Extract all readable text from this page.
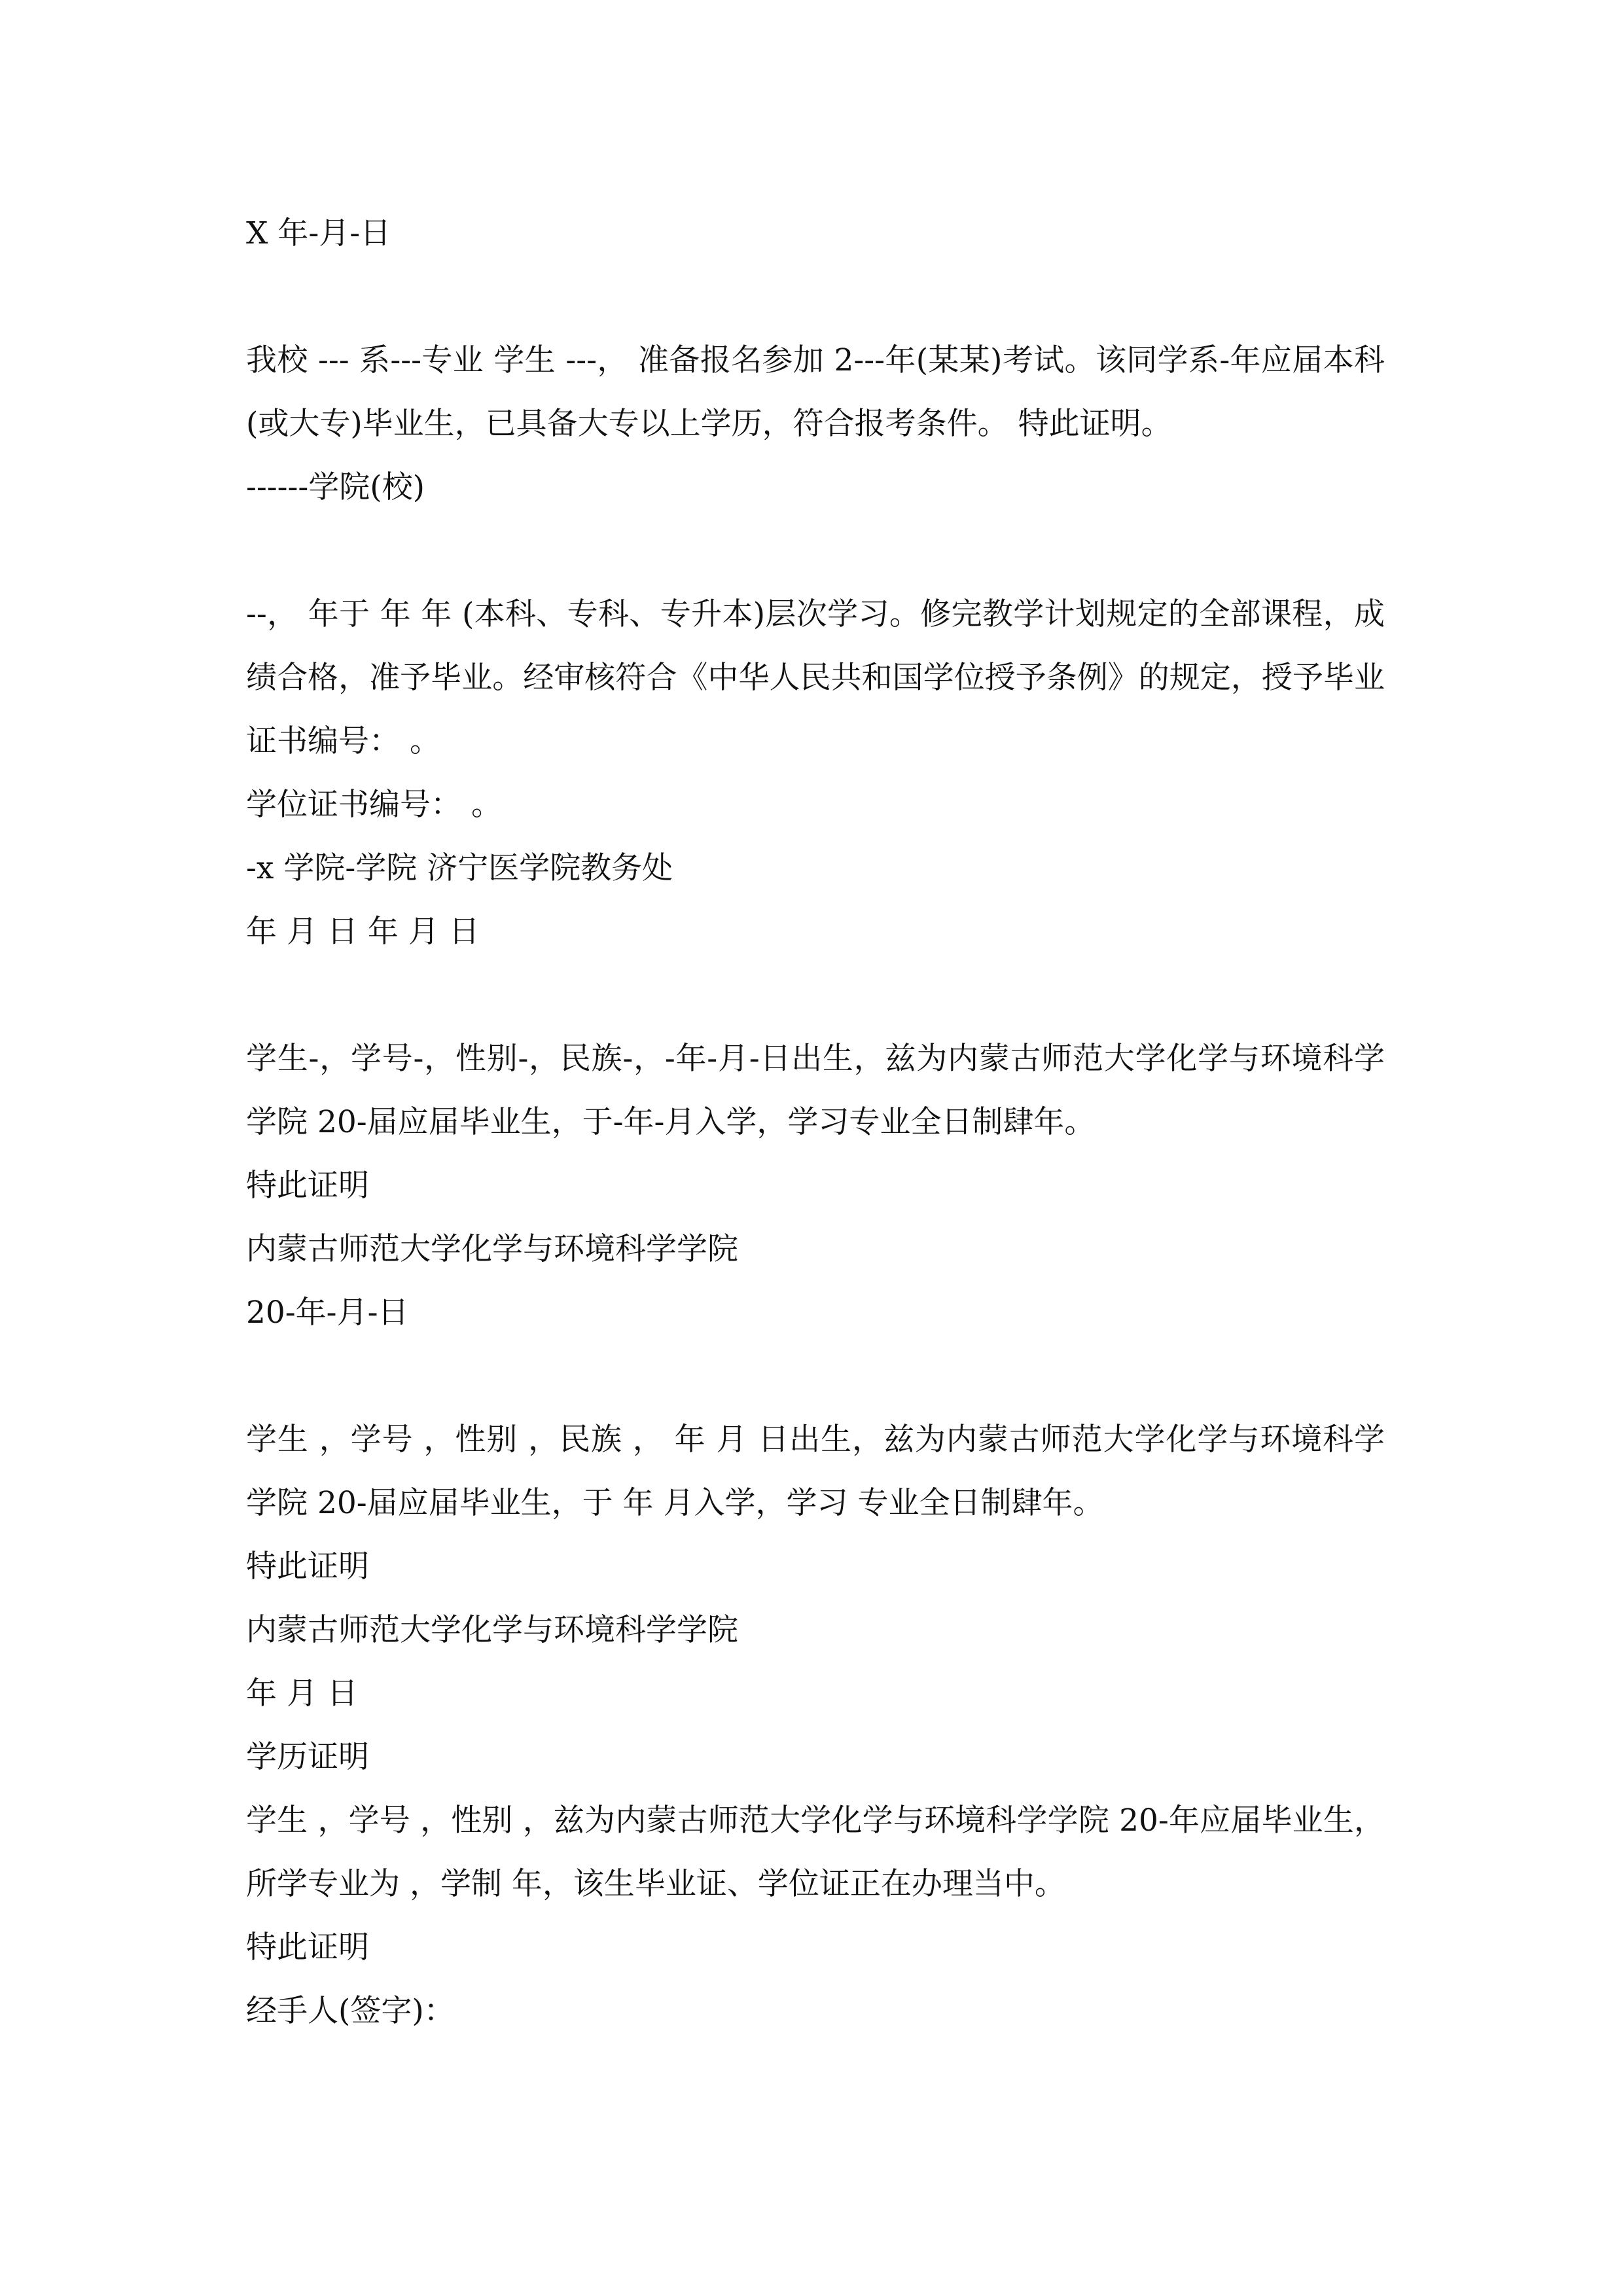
X 年-月-日
我校 --- 系---专业 学生 ---， 准备报名参加 2---年(某某)考试。该同学系-年应届本科(或大专)毕业生，已具备大专以上学历，符合报考条件。 特此证明。
------学院(校)
--， 年于 年 年 (本科、专科、专升本)层次学习。修完教学计划规定的全部课程，成绩合格，准予毕业。经审核符合《中华人民共和国学位授予条例》的规定，授予毕业证书编号： 。
学位证书编号： 。
-x 学院-学院 济宁医学院教务处
年 月 日 年 月 日
学生-，学号-，性别-，民族-，-年-月-日出生，兹为内蒙古师范大学化学与环境科学学院 20-届应届毕业生，于-年-月入学，学习专业全日制肆年。
特此证明
内蒙古师范大学化学与环境科学学院
20-年-月-日
学生 ，学号 ，性别 ，民族 ， 年 月 日出生，兹为内蒙古师范大学化学与环境科学学院 20-届应届毕业生，于 年 月入学，学习 专业全日制肆年。
特此证明
内蒙古师范大学化学与环境科学学院
年 月 日
学历证明
学生 ，学号 ，性别 ，兹为内蒙古师范大学化学与环境科学学院 20-年应届毕业生，所学专业为 ，学制 年，该生毕业证、学位证正在办理当中。
特此证明
经手人(签字)：
